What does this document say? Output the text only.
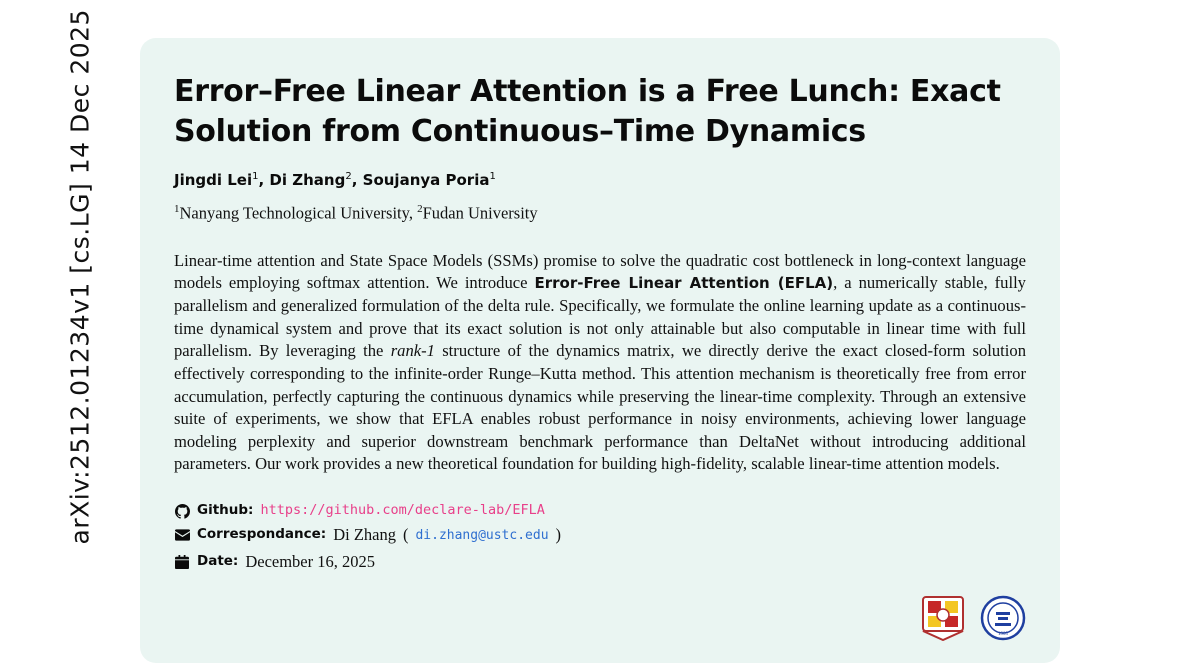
arXiv:2512.01234v1 [cs.LG] 14 Dec 2025	Error–Free Linear Attention is a Free Lunch: Exact Solution from Continuous–Time Dynamics
Jingdi Lei$^1$, Di Zhang$^2$, Soujanya Poria$^1$
$^1$Nanyang Technological University, $^2$Fudan University

Linear-time attention and State Space Models (SSMs) promise to solve the quadratic cost bottleneck in long-context language models employing softmax attention. We introduce Error-Free Linear Attention (EFLA), a numerically stable, fully parallelism and generalized formulation of the delta rule. Specifically, we formulate the online learning update as a continuous-time dynamical system and prove that its exact solution is not only attainable but also computable in linear time with full parallelism. By leveraging the rank-1 structure of the dynamics matrix, we directly derive the exact closed-form solution effectively corresponding to the infinite-order Runge–Kutta method. This attention mechanism is theoretically free from error accumulation, perfectly capturing the continuous dynamics while preserving the linear-time complexity. Through an extensive suite of experiments, we show that EFLA enables robust performance in noisy environments, achieving lower language modeling perplexity and superior downstream benchmark performance than DeltaNet without introducing additional parameters. Our work provides a new theoretical foundation for building high-fidelity, scalable linear-time attention models.

Github: https://github.com/declare-lab/EFLA
Correspondance: Di Zhang ( di.zhang@ustc.edu )
Date: December 16, 2025
1905
